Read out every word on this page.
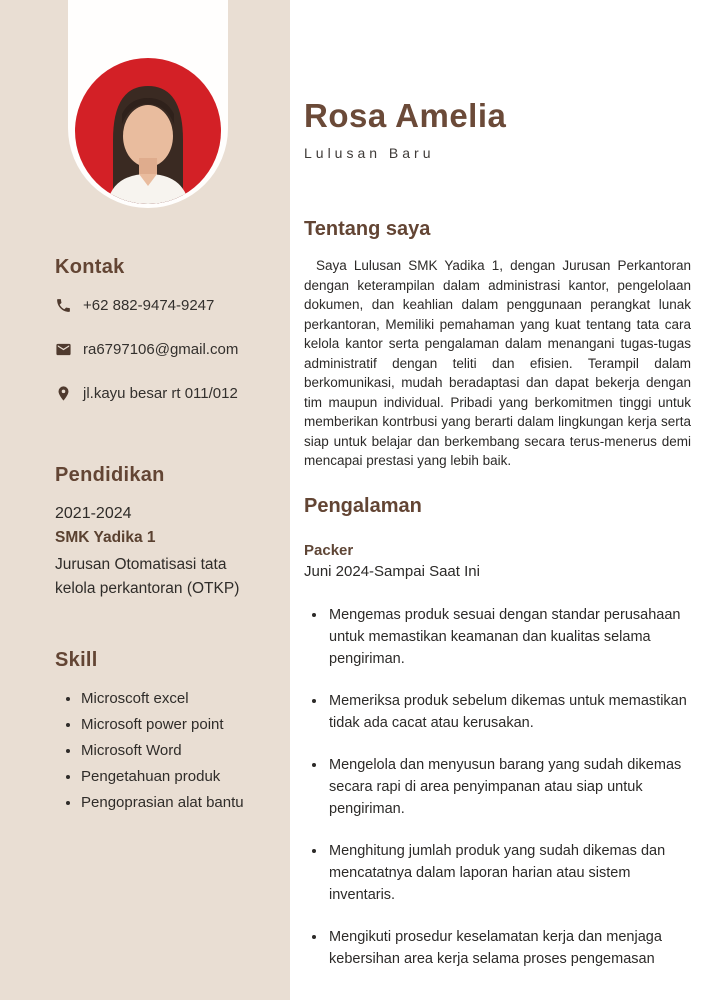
Kontak
+62 882-9474-9247
ra6797106@gmail.com
jl.kayu besar rt 011/012
Pendidikan

2021-2024

SMK Yadika 1

Jurusan Otomatisasi tata kelola perkantoran (OTKP)

Skill
• Microscoft excel
• Microsoft power point
• Microsoft Word
• Pengetahuan produk
• Pengoprasian alat bantu
Rosa Amelia
Lulusan Baru
Tentang saya

Saya Lulusan SMK Yadika 1, dengan Jurusan Perkantoran dengan keterampilan dalam administrasi kantor, pengelolaan dokumen, dan keahlian dalam penggunaan perangkat lunak perkantoran, Memiliki pemahaman yang kuat tentang tata cara kelola kantor serta pengalaman dalam menangani tugas-tugas administratif dengan teliti dan efisien. Terampil dalam berkomunikasi, mudah beradaptasi dan dapat bekerja dengan tim maupun individual. Pribadi yang berkomitmen tinggi untuk memberikan kontrbusi yang berarti dalam lingkungan kerja serta siap untuk belajar dan berkembang secara terus-menerus demi mencapai prestasi yang lebih baik.

Pengalaman
Packer
Juni 2024-Sampai Saat Ini
• Mengemas produk sesuai dengan standar perusahaan untuk memastikan keamanan dan kualitas selama pengiriman.
• Memeriksa produk sebelum dikemas untuk memastikan tidak ada cacat atau kerusakan.
• Mengelola dan menyusun barang yang sudah dikemas secara rapi di area penyimpanan atau siap untuk pengiriman.
• Menghitung jumlah produk yang sudah dikemas dan mencatatnya dalam laporan harian atau sistem inventaris.
• Mengikuti prosedur keselamatan kerja dan menjaga kebersihan area kerja selama proses pengemasan
